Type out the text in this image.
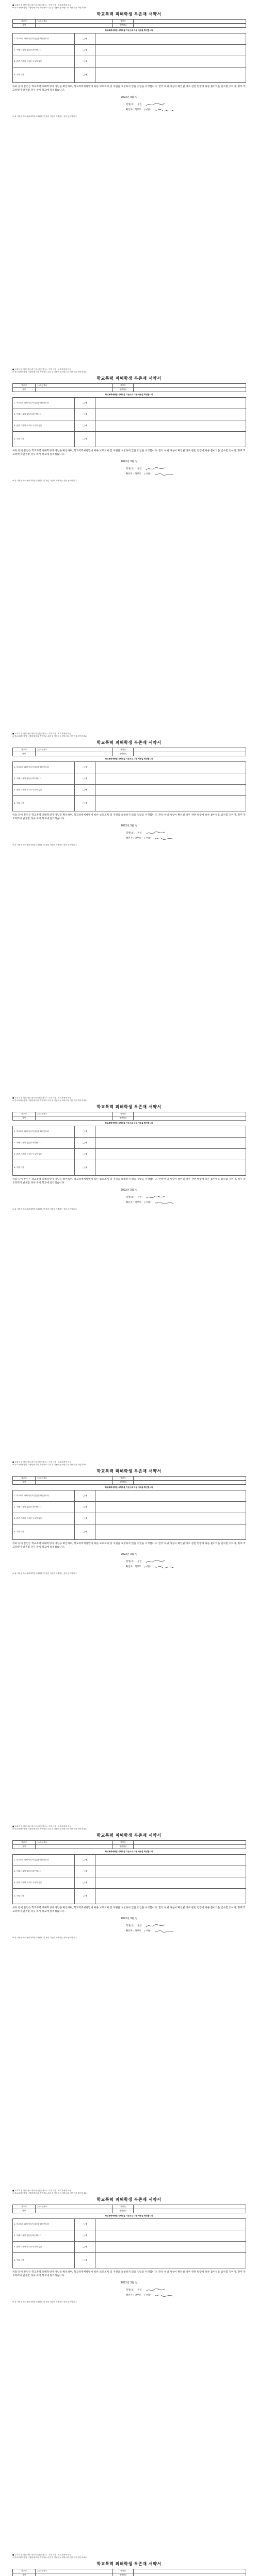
■ 보호자 및 학생 정보 확인서 (앞면 참조) : 기재 사항 : 보호자에게 작성
※ 학교폭력예방법 시행령에 따라 개인정보 수집 및 이용에 동의합니다. 작성란을 확인하세요.
학교폭력 피해학생 부존재 서약서
학교명	○○초등학교	학년반	
성명		생년월일	
학교폭력예방법 시행령을 기준으로 다음 사항을 확인합니다
1. 학교폭력 피해 사실이 없음을 확인합니다	□ 예	
2. 가해 사실이 없음을 확인합니다	□ 예	
3. 관련 기관에 신고한 사실이 없음	□ 예	
4. 기타 사항	□ 예	
위와 같이 본인은 학교폭력 피해학생이 아님을 확인하며, 학교폭력예방법에 따른 보호조치 및 지원을 요청하지 않을 것임을 서약합니다. 만약 허위 사실이 확인될 경우 관련 법령에 따른 불이익을 감수할 것이며, 향후 학교폭력이 발생할 경우 즉시 학교에 알리겠습니다.
2022년 3월 일
학생(의) 본인
확인자 : 학부모 (서명)
※ 위 사항을 학교폭력대책심의위원회 및 관련 기관에 제출하는 것에 동의합니다.
■ 보호자 및 학생 정보 확인서 (앞면 참조) : 기재 사항 : 보호자에게 작성
※ 학교폭력예방법 시행령에 따라 개인정보 수집 및 이용에 동의합니다. 작성란을 확인하세요.
학교폭력 피해학생 부존재 서약서
학교명	○○초등학교	학년반	
성명		생년월일	
학교폭력예방법 시행령을 기준으로 다음 사항을 확인합니다
1. 학교폭력 피해 사실이 없음을 확인합니다	□ 예	
2. 가해 사실이 없음을 확인합니다	□ 예	
3. 관련 기관에 신고한 사실이 없음	□ 예	
4. 기타 사항	□ 예	
위와 같이 본인은 학교폭력 피해학생이 아님을 확인하며, 학교폭력예방법에 따른 보호조치 및 지원을 요청하지 않을 것임을 서약합니다. 만약 허위 사실이 확인될 경우 관련 법령에 따른 불이익을 감수할 것이며, 향후 학교폭력이 발생할 경우 즉시 학교에 알리겠습니다.
2022년 3월 일
학생(의) 본인
확인자 : 학부모 (서명)
※ 위 사항을 학교폭력대책심의위원회 및 관련 기관에 제출하는 것에 동의합니다.
■ 보호자 및 학생 정보 확인서 (앞면 참조) : 기재 사항 : 보호자에게 작성
※ 학교폭력예방법 시행령에 따라 개인정보 수집 및 이용에 동의합니다. 작성란을 확인하세요.
학교폭력 피해학생 부존재 서약서
학교명	○○초등학교	학년반	
성명		생년월일	
학교폭력예방법 시행령을 기준으로 다음 사항을 확인합니다
1. 학교폭력 피해 사실이 없음을 확인합니다	□ 예	
2. 가해 사실이 없음을 확인합니다	□ 예	
3. 관련 기관에 신고한 사실이 없음	□ 예	
4. 기타 사항	□ 예	
위와 같이 본인은 학교폭력 피해학생이 아님을 확인하며, 학교폭력예방법에 따른 보호조치 및 지원을 요청하지 않을 것임을 서약합니다. 만약 허위 사실이 확인될 경우 관련 법령에 따른 불이익을 감수할 것이며, 향후 학교폭력이 발생할 경우 즉시 학교에 알리겠습니다.
2022년 3월 일
학생(의) 본인
확인자 : 학부모 (서명)
※ 위 사항을 학교폭력대책심의위원회 및 관련 기관에 제출하는 것에 동의합니다.
■ 보호자 및 학생 정보 확인서 (앞면 참조) : 기재 사항 : 보호자에게 작성
※ 학교폭력예방법 시행령에 따라 개인정보 수집 및 이용에 동의합니다. 작성란을 확인하세요.
학교폭력 피해학생 부존재 서약서
학교명	○○초등학교	학년반	
성명		생년월일	
학교폭력예방법 시행령을 기준으로 다음 사항을 확인합니다
1. 학교폭력 피해 사실이 없음을 확인합니다	□ 예	
2. 가해 사실이 없음을 확인합니다	□ 예	
3. 관련 기관에 신고한 사실이 없음	□ 예	
4. 기타 사항	□ 예	
위와 같이 본인은 학교폭력 피해학생이 아님을 확인하며, 학교폭력예방법에 따른 보호조치 및 지원을 요청하지 않을 것임을 서약합니다. 만약 허위 사실이 확인될 경우 관련 법령에 따른 불이익을 감수할 것이며, 향후 학교폭력이 발생할 경우 즉시 학교에 알리겠습니다.
2022년 3월 일
학생(의) 본인
확인자 : 학부모 (서명)
※ 위 사항을 학교폭력대책심의위원회 및 관련 기관에 제출하는 것에 동의합니다.
■ 보호자 및 학생 정보 확인서 (앞면 참조) : 기재 사항 : 보호자에게 작성
※ 학교폭력예방법 시행령에 따라 개인정보 수집 및 이용에 동의합니다. 작성란을 확인하세요.
학교폭력 피해학생 부존재 서약서
학교명	○○초등학교	학년반	
성명		생년월일	
학교폭력예방법 시행령을 기준으로 다음 사항을 확인합니다
1. 학교폭력 피해 사실이 없음을 확인합니다	□ 예	
2. 가해 사실이 없음을 확인합니다	□ 예	
3. 관련 기관에 신고한 사실이 없음	□ 예	
4. 기타 사항	□ 예	
위와 같이 본인은 학교폭력 피해학생이 아님을 확인하며, 학교폭력예방법에 따른 보호조치 및 지원을 요청하지 않을 것임을 서약합니다. 만약 허위 사실이 확인될 경우 관련 법령에 따른 불이익을 감수할 것이며, 향후 학교폭력이 발생할 경우 즉시 학교에 알리겠습니다.
2022년 3월 일
학생(의) 본인
확인자 : 학부모 (서명)
※ 위 사항을 학교폭력대책심의위원회 및 관련 기관에 제출하는 것에 동의합니다.
■ 보호자 및 학생 정보 확인서 (앞면 참조) : 기재 사항 : 보호자에게 작성
※ 학교폭력예방법 시행령에 따라 개인정보 수집 및 이용에 동의합니다. 작성란을 확인하세요.
학교폭력 피해학생 부존재 서약서
학교명	○○초등학교	학년반	
성명		생년월일	
학교폭력예방법 시행령을 기준으로 다음 사항을 확인합니다
1. 학교폭력 피해 사실이 없음을 확인합니다	□ 예	
2. 가해 사실이 없음을 확인합니다	□ 예	
3. 관련 기관에 신고한 사실이 없음	□ 예	
4. 기타 사항	□ 예	
위와 같이 본인은 학교폭력 피해학생이 아님을 확인하며, 학교폭력예방법에 따른 보호조치 및 지원을 요청하지 않을 것임을 서약합니다. 만약 허위 사실이 확인될 경우 관련 법령에 따른 불이익을 감수할 것이며, 향후 학교폭력이 발생할 경우 즉시 학교에 알리겠습니다.
2022년 3월 일
학생(의) 본인
확인자 : 학부모 (서명)
※ 위 사항을 학교폭력대책심의위원회 및 관련 기관에 제출하는 것에 동의합니다.
■ 보호자 및 학생 정보 확인서 (앞면 참조) : 기재 사항 : 보호자에게 작성
※ 학교폭력예방법 시행령에 따라 개인정보 수집 및 이용에 동의합니다. 작성란을 확인하세요.
학교폭력 피해학생 부존재 서약서
학교명	○○초등학교	학년반	
성명		생년월일	
학교폭력예방법 시행령을 기준으로 다음 사항을 확인합니다
1. 학교폭력 피해 사실이 없음을 확인합니다	□ 예	
2. 가해 사실이 없음을 확인합니다	□ 예	
3. 관련 기관에 신고한 사실이 없음	□ 예	
4. 기타 사항	□ 예	
위와 같이 본인은 학교폭력 피해학생이 아님을 확인하며, 학교폭력예방법에 따른 보호조치 및 지원을 요청하지 않을 것임을 서약합니다. 만약 허위 사실이 확인될 경우 관련 법령에 따른 불이익을 감수할 것이며, 향후 학교폭력이 발생할 경우 즉시 학교에 알리겠습니다.
2022년 3월 일
학생(의) 본인
확인자 : 학부모 (서명)
※ 위 사항을 학교폭력대책심의위원회 및 관련 기관에 제출하는 것에 동의합니다.
■ 보호자 및 학생 정보 확인서 (앞면 참조) : 기재 사항 : 보호자에게 작성
※ 학교폭력예방법 시행령에 따라 개인정보 수집 및 이용에 동의합니다. 작성란을 확인하세요.
학교폭력 피해학생 부존재 서약서
학교명	○○초등학교	학년반	
성명		생년월일	
